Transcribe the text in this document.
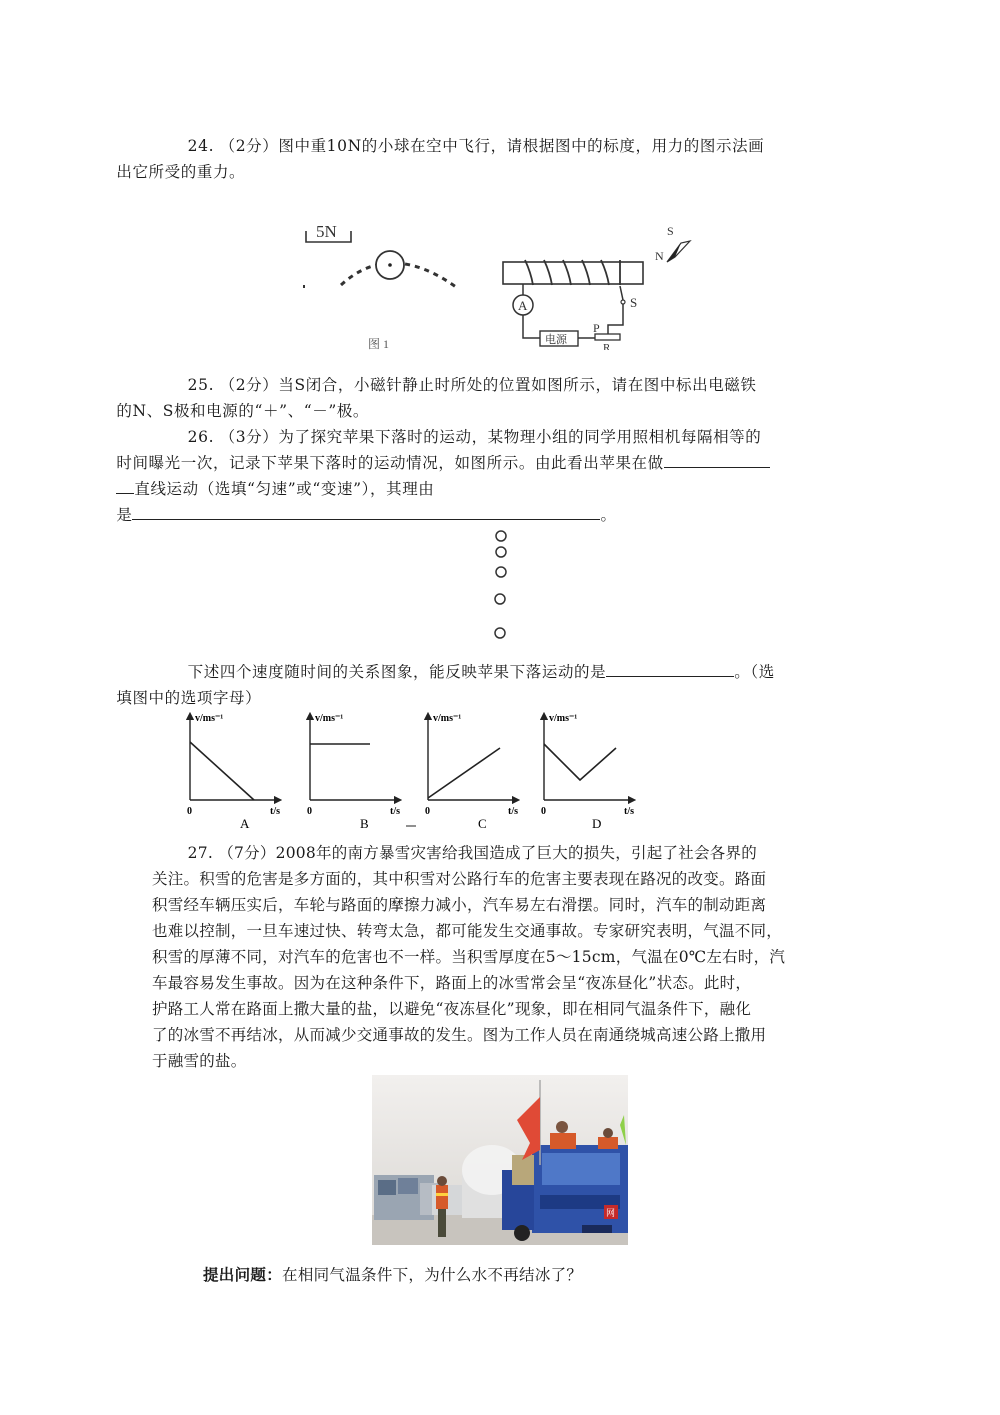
24. （2分）图中重10N的小球在空中飞行，请根据图中的标度，用力的图示法画
出它所受的重力。

5N
图 1
A
电源
S
P
R
S
N

25. （2分）当S闭合，小磁针静止时所处的位置如图所示，请在图中标出电磁铁
的N、S极和电源的“＋”、“－”极。

26. （3分）为了探究苹果下落时的运动，某物理小组的同学用照相机每隔相等的
时间曝光一次，记录下苹果下落时的运动情况，如图所示。由此看出苹果在做
直线运动（选填“匀速”或“变速”），其理由
是	。

下述四个速度随时间的关系图象，能反映苹果下落运动的是	。（选
填图中的选项字母）

v/ms⁻¹
0	t/s
A
v/ms⁻¹
0	t/s
B
v/ms⁻¹
0	t/s
C
v/ms⁻¹
0	t/s
D

27. （7分）2008年的南方暴雪灾害给我国造成了巨大的损失，引起了社会各界的
关注。积雪的危害是多方面的，其中积雪对公路行车的危害主要表现在路况的改变。路面
积雪经车辆压实后，车轮与路面的摩擦力减小，汽车易左右滑摆。同时，汽车的制动距离
也难以控制，一旦车速过快、转弯太急，都可能发生交通事故。专家研究表明，气温不同，
积雪的厚薄不同，对汽车的危害也不一样。当积雪厚度在5～15cm，气温在0℃左右时，汽
车最容易发生事故。因为在这种条件下，路面上的冰雪常会呈“夜冻昼化”状态。此时，
护路工人常在路面上撒大量的盐，以避免“夜冻昼化”现象，即在相同气温条件下，融化
了的冰雪不再结冰，从而减少交通事故的发生。图为工作人员在南通绕城高速公路上撒用
于融雪的盐。

网

提出问题：在相同气温条件下，为什么水不再结冰了？
